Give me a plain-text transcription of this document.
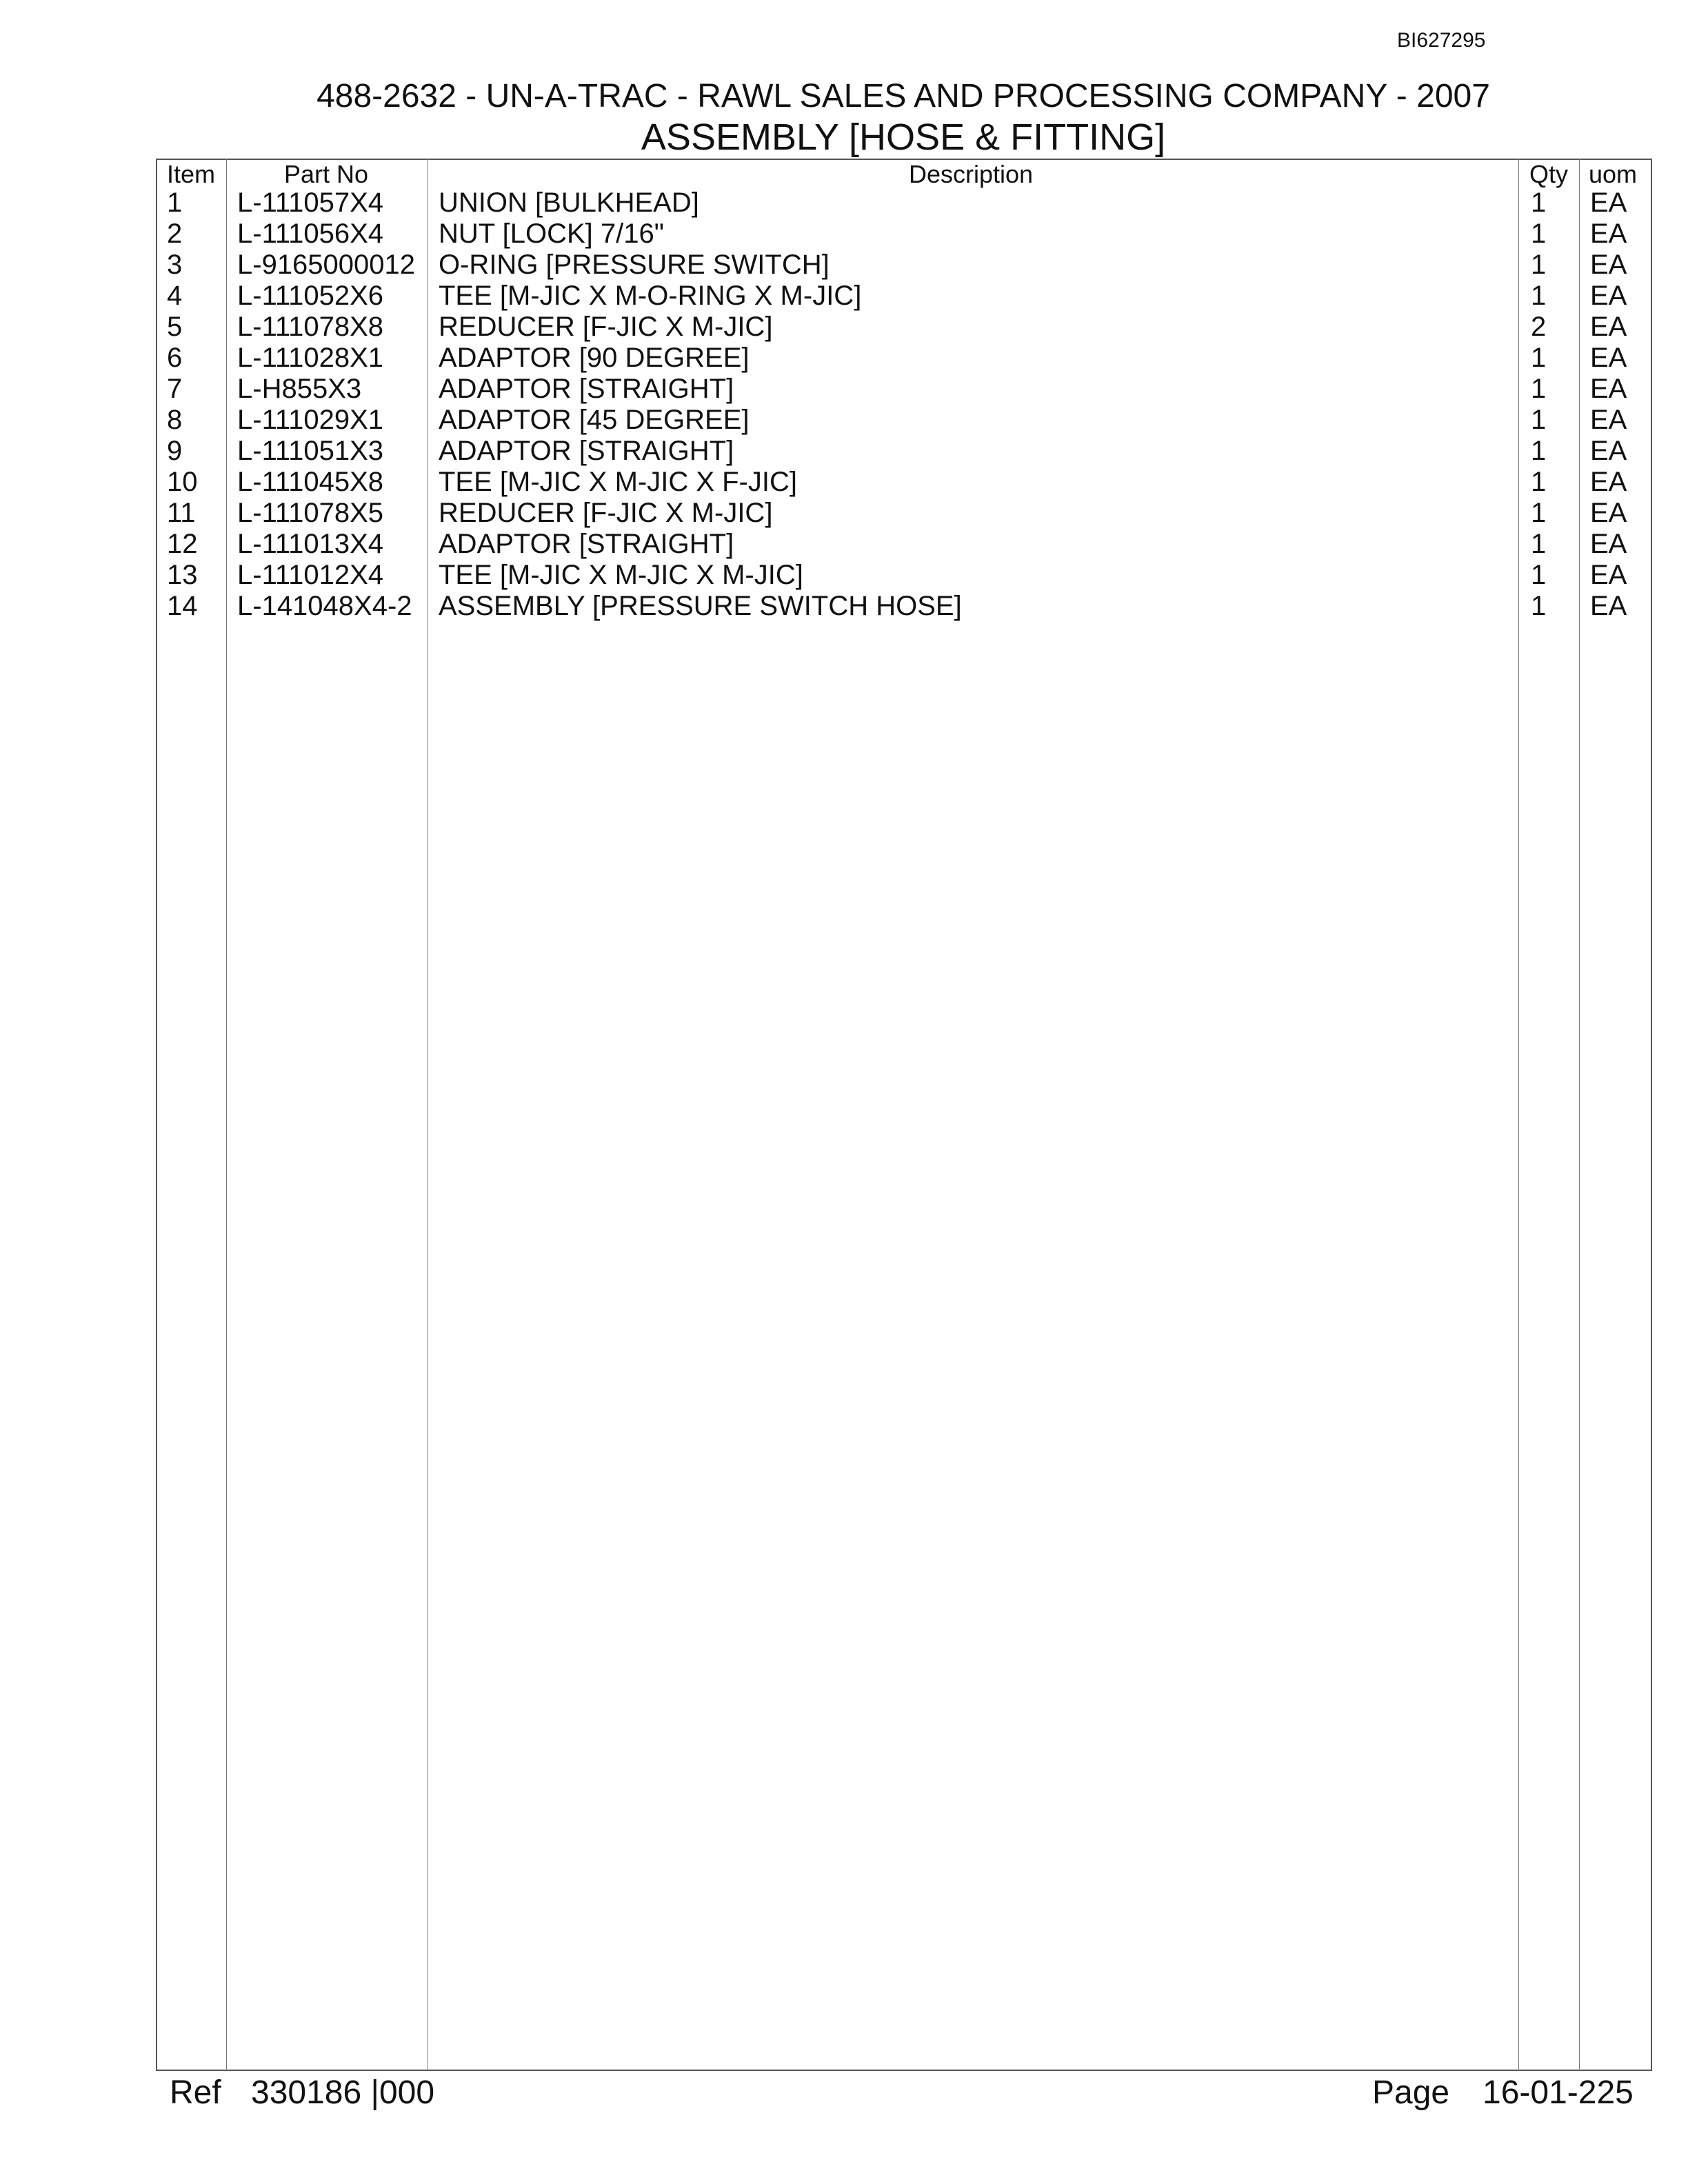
BI627295
488-2632 - UN-A-TRAC - RAWL SALES AND PROCESSING COMPANY - 2007
ASSEMBLY [HOSE & FITTING]
Item	Part No	Description	Qty uom
1 L-111057X4 UNION [BULKHEAD]	1 EA
2 L-111056X4 NUT [LOCK] 7/16"	1 EA
3 L-9165000012 O-RING [PRESSURE SWITCH]	1 EA
4 L-111052X6 TEE [M-JIC X M-O-RING X M-JIC]	1 EA
5 L-111078X8 REDUCER [F-JIC X M-JIC]	2 EA
6 L-111028X1 ADAPTOR [90 DEGREE]	1 EA
7 L-H855X3	ADAPTOR [STRAIGHT]	1 EA
8 L-111029X1 ADAPTOR [45 DEGREE]	1 EA
9 L-111051X3 ADAPTOR [STRAIGHT]	1 EA
10 L-111045X8 TEE [M-JIC X M-JIC X F-JIC]	1 EA
11 L-111078X5 REDUCER [F-JIC X M-JIC]	1 EA
12 L-111013X4 ADAPTOR [STRAIGHT]	1 EA
13 L-111012X4 TEE [M-JIC X M-JIC X M-JIC]	1 EA
14 L-141048X4-2 ASSEMBLY [PRESSURE SWITCH HOSE]	1 EA
Ref 330186 |000	Page 16-01-225
